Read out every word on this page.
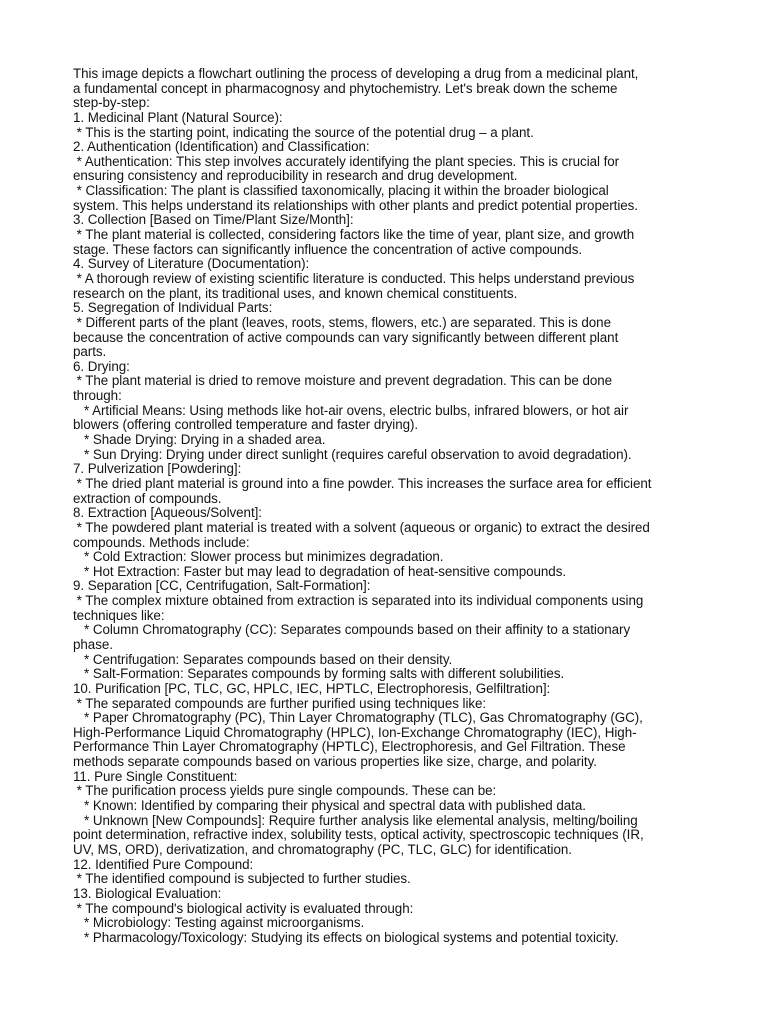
This image depicts a flowchart outlining the process of developing a drug from a medicinal plant,
a fundamental concept in pharmacognosy and phytochemistry. Let's break down the scheme
step-by-step:
1. Medicinal Plant (Natural Source):
* This is the starting point, indicating the source of the potential drug – a plant.
2. Authentication (Identification) and Classification:
* Authentication: This step involves accurately identifying the plant species. This is crucial for
ensuring consistency and reproducibility in research and drug development.
* Classification: The plant is classified taxonomically, placing it within the broader biological
system. This helps understand its relationships with other plants and predict potential properties.
3. Collection [Based on Time/Plant Size/Month]:
* The plant material is collected, considering factors like the time of year, plant size, and growth
stage. These factors can significantly influence the concentration of active compounds.
4. Survey of Literature (Documentation):
* A thorough review of existing scientific literature is conducted. This helps understand previous
research on the plant, its traditional uses, and known chemical constituents.
5. Segregation of Individual Parts:
* Different parts of the plant (leaves, roots, stems, flowers, etc.) are separated. This is done
because the concentration of active compounds can vary significantly between different plant
parts.
6. Drying:
* The plant material is dried to remove moisture and prevent degradation. This can be done
through:
* Artificial Means: Using methods like hot-air ovens, electric bulbs, infrared blowers, or hot air
blowers (offering controlled temperature and faster drying).
* Shade Drying: Drying in a shaded area.
* Sun Drying: Drying under direct sunlight (requires careful observation to avoid degradation).
7. Pulverization [Powdering]:
* The dried plant material is ground into a fine powder. This increases the surface area for efficient
extraction of compounds.
8. Extraction [Aqueous/Solvent]:
* The powdered plant material is treated with a solvent (aqueous or organic) to extract the desired
compounds. Methods include:
* Cold Extraction: Slower process but minimizes degradation.
* Hot Extraction: Faster but may lead to degradation of heat-sensitive compounds.
9. Separation [CC, Centrifugation, Salt-Formation]:
* The complex mixture obtained from extraction is separated into its individual components using
techniques like:
* Column Chromatography (CC): Separates compounds based on their affinity to a stationary
phase.
* Centrifugation: Separates compounds based on their density.
* Salt-Formation: Separates compounds by forming salts with different solubilities.
10. Purification [PC, TLC, GC, HPLC, IEC, HPTLC, Electrophoresis, Gelfiltration]:
* The separated compounds are further purified using techniques like:
* Paper Chromatography (PC), Thin Layer Chromatography (TLC), Gas Chromatography (GC),
High-Performance Liquid Chromatography (HPLC), Ion-Exchange Chromatography (IEC), High-
Performance Thin Layer Chromatography (HPTLC), Electrophoresis, and Gel Filtration. These
methods separate compounds based on various properties like size, charge, and polarity.
11. Pure Single Constituent:
* The purification process yields pure single compounds. These can be:
* Known: Identified by comparing their physical and spectral data with published data.
* Unknown [New Compounds]: Require further analysis like elemental analysis, melting/boiling
point determination, refractive index, solubility tests, optical activity, spectroscopic techniques (IR,
UV, MS, ORD), derivatization, and chromatography (PC, TLC, GLC) for identification.
12. Identified Pure Compound:
* The identified compound is subjected to further studies.
13. Biological Evaluation:
* The compound's biological activity is evaluated through:
* Microbiology: Testing against microorganisms.
* Pharmacology/Toxicology: Studying its effects on biological systems and potential toxicity.
